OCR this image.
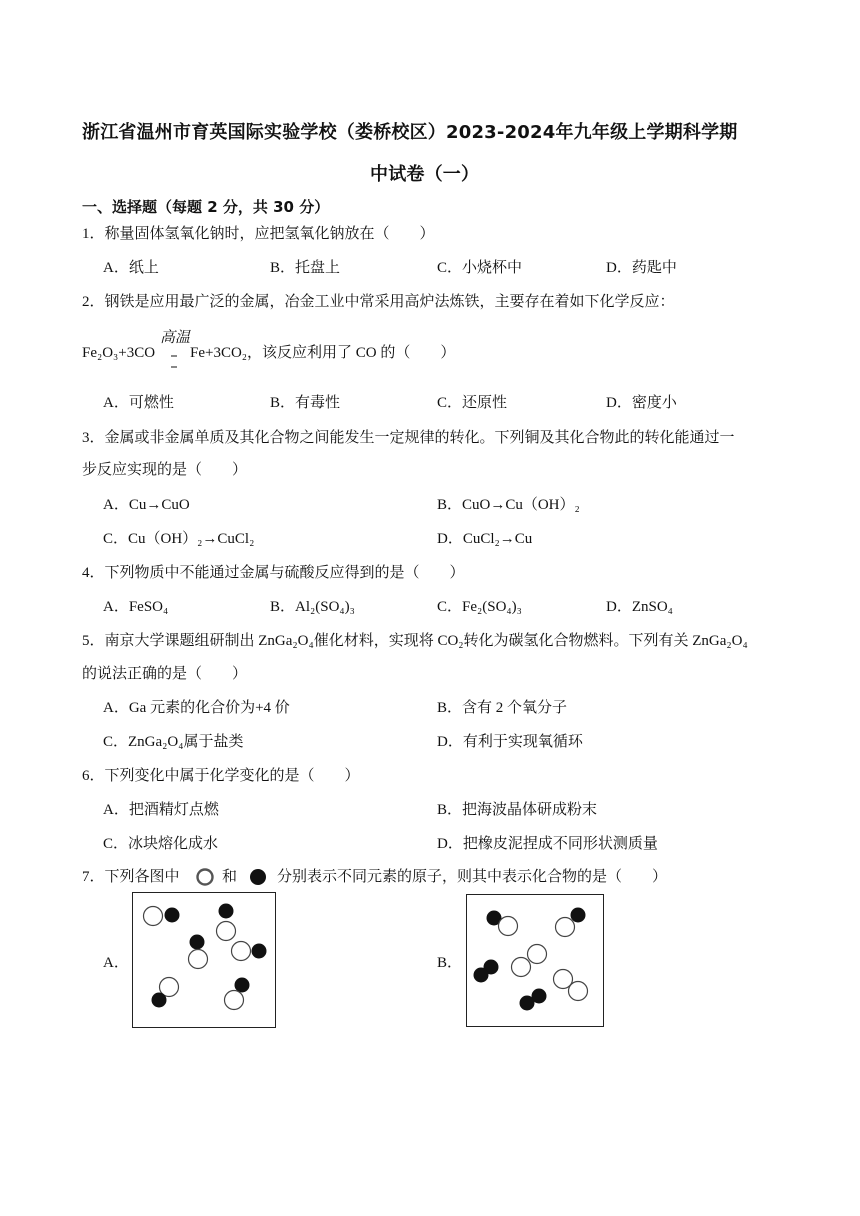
浙江省温州市育英国际实验学校（娄桥校区）2023-2024年九年级上学期科学期
中试卷（一）
一、选择题（每题 2 分，共 30 分）
1．称量固体氢氧化钠时，应把氢氧化钠放在（　　）
A．纸上	B．托盘上	C．小烧杯中	D．药匙中
2．钢铁是应用最广泛的金属，冶金工业中常采用高炉法炼铁，主要存在着如下化学反应：
高温
Fe₂O₃+3CO Fe+3CO₂，该反应利用了 CO 的（　　）
A．可燃性	B．有毒性	C．还原性	D．密度小
3．金属或非金属单质及其化合物之间能发生一定规律的转化。下列铜及其化合物此的转化能通过一
步反应实现的是（　　）
A．Cu→CuO	B．CuO→Cu（OH）₂
C．Cu（OH）₂→CuCl₂	D．CuCl₂→Cu
4．下列物质中不能通过金属与硫酸反应得到的是（　　）
A．FeSO₄	B．Al₂(SO₄)₃	C．Fe₂(SO₄)₃	D．ZnSO₄
5．南京大学课题组研制出 ZnGa₂O₄催化材料，实现将 CO₂转化为碳氢化合物燃料。下列有关 ZnGa₂O₄
的说法正确的是（　　）
A．Ga 元素的化合价为+4 价	B．含有 2 个氧分子
C．ZnGa₂O₄属于盐类	D．有利于实现氧循环
6．下列变化中属于化学变化的是（　　）
A．把酒精灯点燃	B．把海波晶体研成粉末
C．冰块熔化成水	D．把橡皮泥捏成不同形状测质量
7．下列各图中	和	分别表示不同元素的原子，则其中表示化合物的是（　　）
A．	B．
